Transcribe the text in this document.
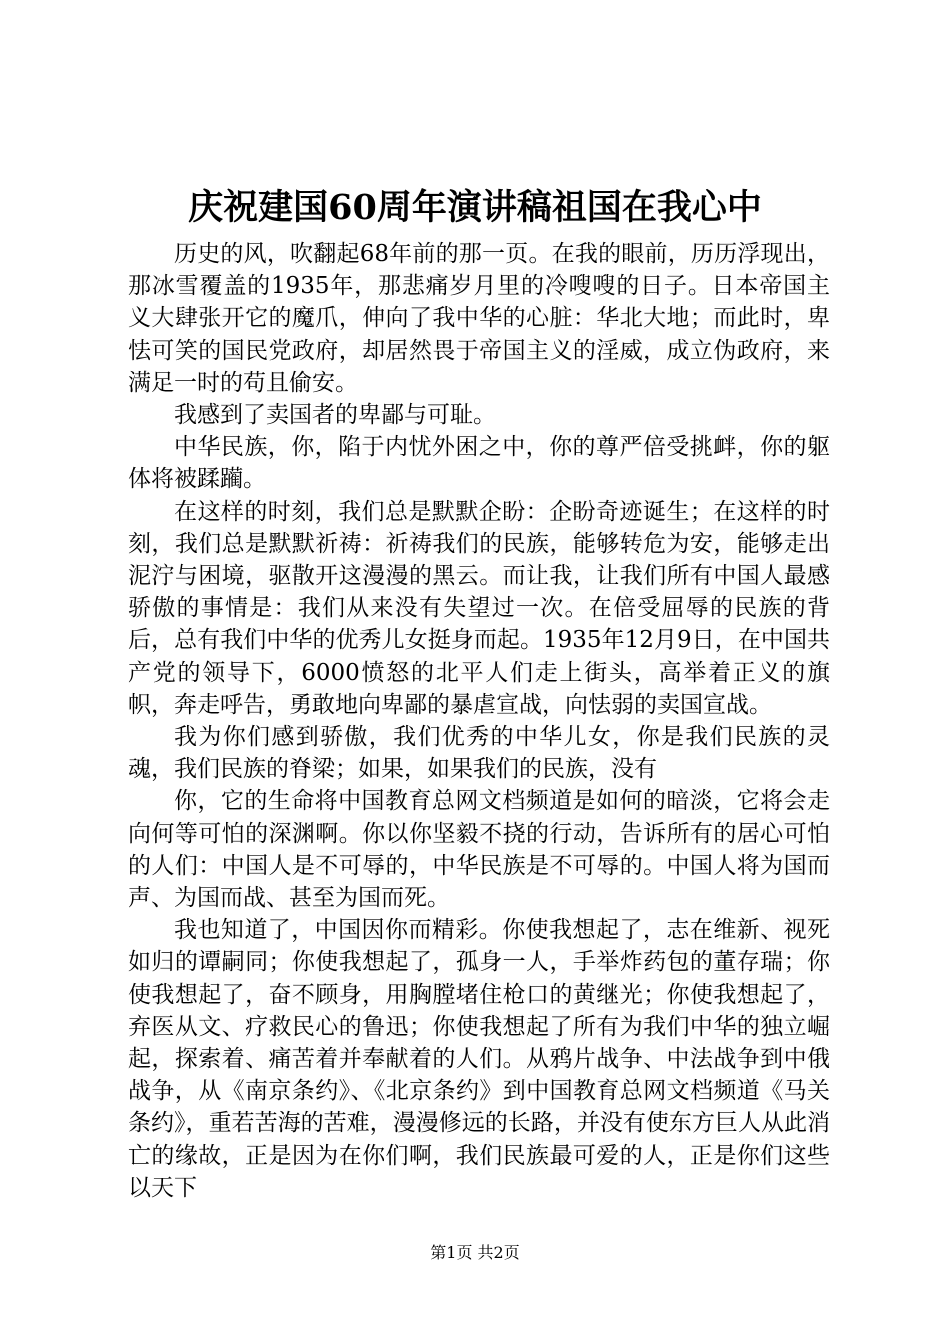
庆祝建国60周年演讲稿祖国在我心中

历史的风，吹翻起68年前的那一页。在我的眼前，历历浮现出，那冰雪覆盖的1935年，那悲痛岁月里的冷嗖嗖的日子。日本帝国主义大肆张开它的魔爪，伸向了我中华的心脏：华北大地；而此时，卑怯可笑的国民党政府，却居然畏于帝国主义的淫威，成立伪政府，来满足一时的苟且偷安。

我感到了卖国者的卑鄙与可耻。

中华民族，你，陷于内忧外困之中，你的尊严倍受挑衅，你的躯体将被蹂躏。

在这样的时刻，我们总是默默企盼：企盼奇迹诞生；在这样的时刻，我们总是默默祈祷：祈祷我们的民族，能够转危为安，能够走出泥泞与困境，驱散开这漫漫的黑云。而让我，让我们所有中国人最感骄傲的事情是：我们从来没有失望过一次。在倍受屈辱的民族的背后，总有我们中华的优秀儿女挺身而起。1935年12月9日，在中国共产党的领导下，6000愤怒的北平人们走上街头，高举着正义的旗帜，奔走呼告，勇敢地向卑鄙的暴虐宣战，向怯弱的卖国宣战。

我为你们感到骄傲，我们优秀的中华儿女，你是我们民族的灵魂，我们民族的脊梁；如果，如果我们的民族，没有

你，它的生命将中国教育总网文档频道是如何的暗淡，它将会走向何等可怕的深渊啊。你以你坚毅不挠的行动，告诉所有的居心可怕的人们：中国人是不可辱的，中华民族是不可辱的。中国人将为国而声、为国而战、甚至为国而死。

我也知道了，中国因你而精彩。你使我想起了，志在维新、视死如归的谭嗣同；你使我想起了，孤身一人，手举炸药包的董存瑞；你使我想起了，奋不顾身，用胸膛堵住枪口的黄继光；你使我想起了，弃医从文、疗救民心的鲁迅；你使我想起了所有为我们中华的独立崛起，探索着、痛苦着并奉献着的人们。从鸦片战争、中法战争到中俄战争，从《南京条约》、《北京条约》到中国教育总网文档频道《马关条约》，重若苦海的苦难，漫漫修远的长路，并没有使东方巨人从此消亡的缘故，正是因为在你们啊，我们民族最可爱的人，正是你们这些以天下

第1页 共2页
